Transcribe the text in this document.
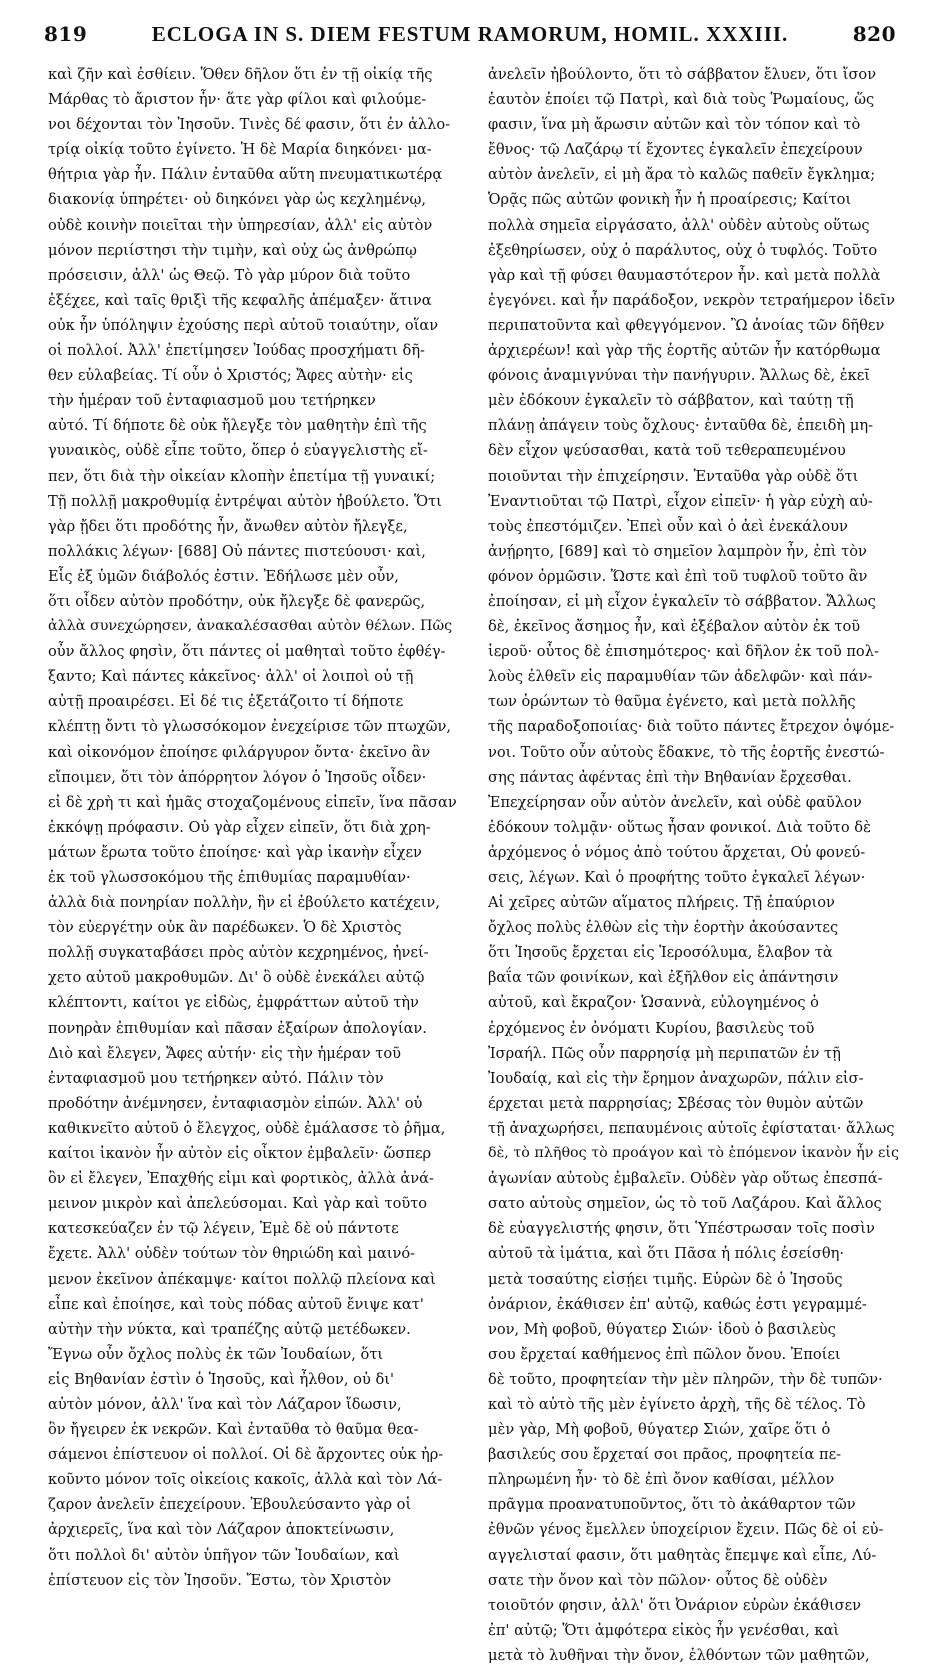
819	ECLOGA IN S. DIEM FESTUM RAMORUM, HOMIL. XXXIII.	820
καὶ ζῆν καὶ ἐσθίειν. Ὅθεν δῆλον ὅτι ἐν τῇ οἰκίᾳ τῆς
Μάρθας τὸ ἄριστον ἦν· ἅτε γὰρ φίλοι καὶ φιλούμε-
νοι δέχονται τὸν Ἰησοῦν. Τινὲς δέ φασιν, ὅτι ἐν ἀλλο-
τρίᾳ οἰκίᾳ τοῦτο ἐγίνετο. Ἡ δὲ Μαρία διηκόνει· μα-
θήτρια γὰρ ἦν. Πάλιν ἐνταῦθα αὕτη πνευματικωτέρᾳ
διακονίᾳ ὑπηρέτει· οὐ διηκόνει γὰρ ὡς κεχλημένῳ,
οὐδὲ κοινὴν ποιεῖται τὴν ὑπηρεσίαν, ἀλλ' εἰς αὐτὸν
μόνον περιίστησι τὴν τιμὴν, καὶ οὐχ ὡς ἀνθρώπῳ
πρόσεισιν, ἀλλ' ὡς Θεῷ. Τὸ γὰρ μύρον διὰ τοῦτο
ἐξέχεε, καὶ ταῖς θριξὶ τῆς κεφαλῆς ἀπέμαξεν· ἅτινα
οὐκ ἦν ὑπόληψιν ἐχούσης περὶ αὐτοῦ τοιαύτην, οἵαν
οἱ πολλοί. Ἀλλ' ἐπετίμησεν Ἰούδας προσχήματι δῆ-
θεν εὐλαβείας. Τί οὖν ὁ Χριστός; Ἄφες αὐτὴν· εἰς
τὴν ἡμέραν τοῦ ἐνταφιασμοῦ μου τετήρηκεν
αὐτό. Τί δήποτε δὲ οὐκ ἤλεγξε τὸν μαθητὴν ἐπὶ τῆς
γυναικὸς, οὐδὲ εἶπε τοῦτο, ὅπερ ὁ εὐαγγελιστὴς εἴ-
πεν, ὅτι διὰ τὴν οἰκείαν κλοπὴν ἐπετίμα τῇ γυναικί;
Τῇ πολλῇ μακροθυμίᾳ ἐντρέψαι αὐτὸν ἠβούλετο. Ὅτι
γὰρ ᾔδει ὅτι προδότης ἦν, ἄνωθεν αὐτὸν ἤλεγξε,
πολλάκις λέγων· [688] Οὐ πάντες πιστεύουσι· καὶ,
Εἷς ἐξ ὑμῶν διάβολός ἐστιν. Ἐδήλωσε μὲν οὖν,
ὅτι οἶδεν αὐτὸν προδότην, οὐκ ἤλεγξε δὲ φανερῶς,
ἀλλὰ συνεχώρησεν, ἀνακαλέσασθαι αὐτὸν θέλων. Πῶς
οὖν ἄλλος φησὶν, ὅτι πάντες οἱ μαθηταὶ τοῦτο ἐφθέγ-
ξαντο; Καὶ πάντες κἀκεῖνος· ἀλλ' οἱ λοιποὶ οὐ τῇ
αὐτῇ προαιρέσει. Εἰ δέ τις ἐξετάζοιτο τί δήποτε
κλέπτῃ ὄντι τὸ γλωσσόκομον ἐνεχείρισε τῶν πτωχῶν,
καὶ οἰκονόμον ἐποίησε φιλάργυρον ὄντα· ἐκεῖνο ἂν
εἴποιμεν, ὅτι τὸν ἀπόρρητον λόγον ὁ Ἰησοῦς οἶδεν·
εἰ δὲ χρὴ τι καὶ ἡμᾶς στοχαζομένους εἰπεῖν, ἵνα πᾶσαν
ἐκκόψῃ πρόφασιν. Οὐ γὰρ εἶχεν εἰπεῖν, ὅτι διὰ χρη-
μάτων ἔρωτα τοῦτο ἐποίησε· καὶ γὰρ ἱκανὴν εἶχεν
ἐκ τοῦ γλωσσοκόμου τῆς ἐπιθυμίας παραμυθίαν·
ἀλλὰ διὰ πονηρίαν πολλὴν, ἣν εἰ ἐβούλετο κατέχειν,
τὸν εὐεργέτην οὐκ ἂν παρέδωκεν. Ὁ δὲ Χριστὸς
πολλῇ συγκαταβάσει πρὸς αὐτὸν κεχρημένος, ἠνεί-
χετο αὐτοῦ μακροθυμῶν. Δι' ὃ οὐδὲ ἐνεκάλει αὐτῷ
κλέπτοντι, καίτοι γε εἰδὼς, ἐμφράττων αὐτοῦ τὴν
πονηρὰν ἐπιθυμίαν καὶ πᾶσαν ἐξαίρων ἀπολογίαν.
Διὸ καὶ ἔλεγεν, Ἄφες αὐτήν· εἰς τὴν ἡμέραν τοῦ
ἐνταφιασμοῦ μου τετήρηκεν αὐτό. Πάλιν τὸν
προδότην ἀνέμνησεν, ἐνταφιασμὸν εἰπών. Ἀλλ' οὐ
καθικνεῖτο αὐτοῦ ὁ ἔλεγχος, οὐδὲ ἐμάλασσε τὸ ῥῆμα,
καίτοι ἱκανὸν ἦν αὐτὸν εἰς οἶκτον ἐμβαλεῖν· ὥσπερ
ὂν εἰ ἔλεγεν, Ἐπαχθής εἰμι καὶ φορτικὸς, ἀλλὰ ἀνά-
μεινον μικρὸν καὶ ἀπελεύσομαι. Καὶ γὰρ καὶ τοῦτο
κατεσκεύαζεν ἐν τῷ λέγειν, Ἐμὲ δὲ οὐ πάντοτε
ἔχετε. Ἀλλ' οὐδὲν τούτων τὸν θηριώδη καὶ μαινό-
μενον ἐκεῖνον ἀπέκαμψε· καίτοι πολλῷ πλείονα καὶ
εἶπε καὶ ἐποίησε, καὶ τοὺς πόδας αὐτοῦ ἔνιψε κατ'
αὐτὴν τὴν νύκτα, καὶ τραπέζης αὐτῷ μετέδωκεν.
Ἔγνω οὖν ὄχλος πολὺς ἐκ τῶν Ἰουδαίων, ὅτι
εἰς Βηθανίαν ἐστὶν ὁ Ἰησοῦς, καὶ ἦλθον, οὐ δι'
αὐτὸν μόνον, ἀλλ' ἵνα καὶ τὸν Λάζαρον ἴδωσιν,
ὃν ἤγειρεν ἐκ νεκρῶν. Καὶ ἐνταῦθα τὸ θαῦμα θεα-
σάμενοι ἐπίστευον οἱ πολλοί. Οἱ δὲ ἄρχοντες οὐκ ἠρ-
κοῦντο μόνον τοῖς οἰκείοις κακοῖς, ἀλλὰ καὶ τὸν Λά-
ζαρον ἀνελεῖν ἐπεχείρουν. Ἐβουλεύσαντο γὰρ οἱ
ἀρχιερεῖς, ἵνα καὶ τὸν Λάζαρον ἀποκτείνωσιν,
ὅτι πολλοὶ δι' αὐτὸν ὑπῆγον τῶν Ἰουδαίων, καὶ
ἐπίστευον εἰς τὸν Ἰησοῦν. Ἔστω, τὸν Χριστὸν
ἀνελεῖν ἠβούλοντο, ὅτι τὸ σάββατον ἔλυεν, ὅτι ἴσον
ἑαυτὸν ἐποίει τῷ Πατρὶ, καὶ διὰ τοὺς Ῥωμαίους, ὥς
φασιν, ἵνα μὴ ἄρωσιν αὐτῶν καὶ τὸν τόπον καὶ τὸ
ἔθνος· τῷ Λαζάρῳ τί ἔχοντες ἐγκαλεῖν ἐπεχείρουν
αὐτὸν ἀνελεῖν, εἰ μὴ ἄρα τὸ καλῶς παθεῖν ἔγκλημα;
Ὁρᾷς πῶς αὐτῶν φονικὴ ἦν ἡ προαίρεσις; Καίτοι
πολλὰ σημεῖα εἰργάσατο, ἀλλ' οὐδὲν αὐτοὺς οὕτως
ἐξεθηρίωσεν, οὐχ ὁ παράλυτος, οὐχ ὁ τυφλός. Τοῦτο
γὰρ καὶ τῇ φύσει θαυμαστότερον ἦν. καὶ μετὰ πολλὰ
ἐγεγόνει. καὶ ἦν παράδοξον, νεκρὸν τετραήμερον ἰδεῖν
περιπατοῦντα καὶ φθεγγόμενον. Ὢ ἀνοίας τῶν δῆθεν
ἀρχιερέων! καὶ γὰρ τῆς ἑορτῆς αὐτῶν ἦν κατόρθωμα
φόνοις ἀναμιγνύναι τὴν πανήγυριν. Ἄλλως δὲ, ἐκεῖ
μὲν ἐδόκουν ἐγκαλεῖν τὸ σάββατον, καὶ ταύτῃ τῇ
πλάνῃ ἀπάγειν τοὺς ὄχλους· ἐνταῦθα δὲ, ἐπειδὴ μη-
δὲν εἶχον ψεύσασθαι, κατὰ τοῦ τεθεραπευμένου
ποιοῦνται τὴν ἐπιχείρησιν. Ἐνταῦθα γὰρ οὐδὲ ὅτι
Ἐναντιοῦται τῷ Πατρὶ, εἶχον εἰπεῖν· ἡ γὰρ εὐχὴ αὐ-
τοὺς ἐπεστόμιζεν. Ἐπεὶ οὖν καὶ ὁ ἀεὶ ἐνεκάλουν
ἀνῄρητο, [689] καὶ τὸ σημεῖον λαμπρὸν ἦν, ἐπὶ τὸν
φόνον ὁρμῶσιν. Ὥστε καὶ ἐπὶ τοῦ τυφλοῦ τοῦτο ἂν
ἐποίησαν, εἰ μὴ εἶχον ἐγκαλεῖν τὸ σάββατον. Ἄλλως
δὲ, ἐκεῖνος ἄσημος ἦν, καὶ ἐξέβαλον αὐτὸν ἐκ τοῦ
ἱεροῦ· οὗτος δὲ ἐπισημότερος· καὶ δῆλον ἐκ τοῦ πολ-
λοὺς ἐλθεῖν εἰς παραμυθίαν τῶν ἀδελφῶν· καὶ πάν-
των ὁρώντων τὸ θαῦμα ἐγένετο, καὶ μετὰ πολλῆς
τῆς παραδοξοποιίας· διὰ τοῦτο πάντες ἔτρεχον ὀψόμε-
νοι. Τοῦτο οὖν αὐτοὺς ἔδακνε, τὸ τῆς ἑορτῆς ἐνεστώ-
σης πάντας ἀφέντας ἐπὶ τὴν Βηθανίαν ἔρχεσθαι.
Ἐπεχείρησαν οὖν αὐτὸν ἀνελεῖν, καὶ οὐδὲ φαῦλον
ἐδόκουν τολμᾷν· οὕτως ἦσαν φονικοί. Διὰ τοῦτο δὲ
ἀρχόμενος ὁ νόμος ἀπὸ τούτου ἄρχεται, Οὐ φονεύ-
σεις, λέγων. Καὶ ὁ προφήτης τοῦτο ἐγκαλεῖ λέγων·
Αἱ χεῖρες αὐτῶν αἵματος πλήρεις. Τῇ ἐπαύριον
ὄχλος πολὺς ἐλθὼν εἰς τὴν ἑορτὴν ἀκούσαντες
ὅτι Ἰησοῦς ἔρχεται εἰς Ἱεροσόλυμα, ἔλαβον τὰ
βαΐα τῶν φοινίκων, καὶ ἐξῆλθον εἰς ἀπάντησιν
αὐτοῦ, καὶ ἔκραζον· Ὡσαννὰ, εὐλογημένος ὁ
ἐρχόμενος ἐν ὀνόματι Κυρίου, βασιλεὺς τοῦ
Ἰσραήλ. Πῶς οὖν παρρησίᾳ μὴ περιπατῶν ἐν τῇ
Ἰουδαίᾳ, καὶ εἰς τὴν ἔρημον ἀναχωρῶν, πάλιν εἰσ-
έρχεται μετὰ παρρησίας; Σβέσας τὸν θυμὸν αὐτῶν
τῇ ἀναχωρήσει, πεπαυμένοις αὐτοῖς ἐφίσταται· ἄλλως
δὲ, τὸ πλῆθος τὸ προάγον καὶ τὸ ἑπόμενον ἱκανὸν ἦν εἰς
ἀγωνίαν αὐτοὺς ἐμβαλεῖν. Οὐδὲν γὰρ οὕτως ἐπεσπά-
σατο αὐτοὺς σημεῖον, ὡς τὸ τοῦ Λαζάρου. Καὶ ἄλλος
δὲ εὐαγγελιστής φησιν, ὅτι Ὑπέστρωσαν τοῖς ποσὶν
αὐτοῦ τὰ ἱμάτια, καὶ ὅτι Πᾶσα ἡ πόλις ἐσείσθη·
μετὰ τοσαύτης εἰσῄει τιμῆς. Εὑρὼν δὲ ὁ Ἰησοῦς
ὀνάριον, ἐκάθισεν ἐπ' αὐτῷ, καθώς ἐστι γεγραμμέ-
νον, Μὴ φοβοῦ, θύγατερ Σιών· ἰδοὺ ὁ βασιλεὺς
σου ἔρχεταί καθήμενος ἐπὶ πῶλον ὄνου. Ἐποίει
δὲ τοῦτο, προφητείαν τὴν μὲν πληρῶν, τὴν δὲ τυπῶν·
καὶ τὸ αὐτὸ τῆς μὲν ἐγίνετο ἀρχὴ, τῆς δὲ τέλος. Τὸ
μὲν γὰρ, Μὴ φοβοῦ, θύγατερ Σιών, χαῖρε ὅτι ὁ
βασιλεύς σου ἔρχεταί σοι πρᾶος, προφητεία πε-
πληρωμένη ἦν· τὸ δὲ ἐπὶ ὄνον καθίσαι, μέλλον
πρᾶγμα προανατυποῦντος, ὅτι τὸ ἀκάθαρτον τῶν
ἐθνῶν γένος ἔμελλεν ὑποχείριον ἔχειν. Πῶς δὲ οἱ εὐ-
αγγελισταί φασιν, ὅτι μαθητὰς ἔπεμψε καὶ εἶπε, Λύ-
σατε τὴν ὄνον καὶ τὸν πῶλον· οὗτος δὲ οὐδὲν
τοιοῦτόν φησιν, ἀλλ' ὅτι Ὀνάριον εὑρὼν ἐκάθισεν
ἐπ' αὐτῷ; Ὅτι ἀμφότερα εἰκὸς ἦν γενέσθαι, καὶ
μετὰ τὸ λυθῆναι τὴν ὄνον, ἐλθόντων τῶν μαθητῶν,
